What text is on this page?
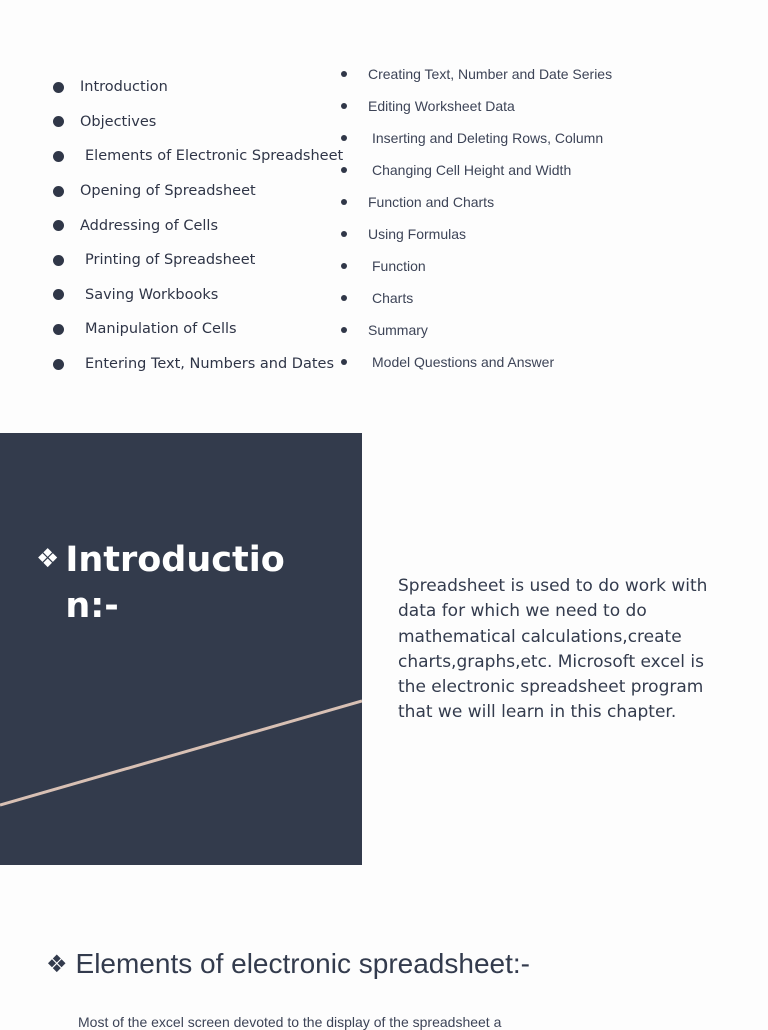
Introduction
Objectives
Elements of Electronic Spreadsheet
Opening of Spreadsheet
Addressing of Cells
Printing of Spreadsheet
Saving Workbooks
Manipulation of Cells
Entering Text, Numbers and Dates
Creating Text, Number and Date Series
Editing Worksheet Data
Inserting and Deleting Rows, Column
Changing Cell Height and Width
Function and Charts
Using Formulas
Function
Charts
Summary
Model Questions and Answer
❖ Introduction:-	Spreadsheet is used to do work with data for which we need to do mathematical calculations,create charts,graphs,etc. Microsoft excel is the electronic spreadsheet program that we will learn in this chapter.

❖ Elements of electronic spreadsheet:-

Most of the excel screen devoted to the display of the spreadsheet a
